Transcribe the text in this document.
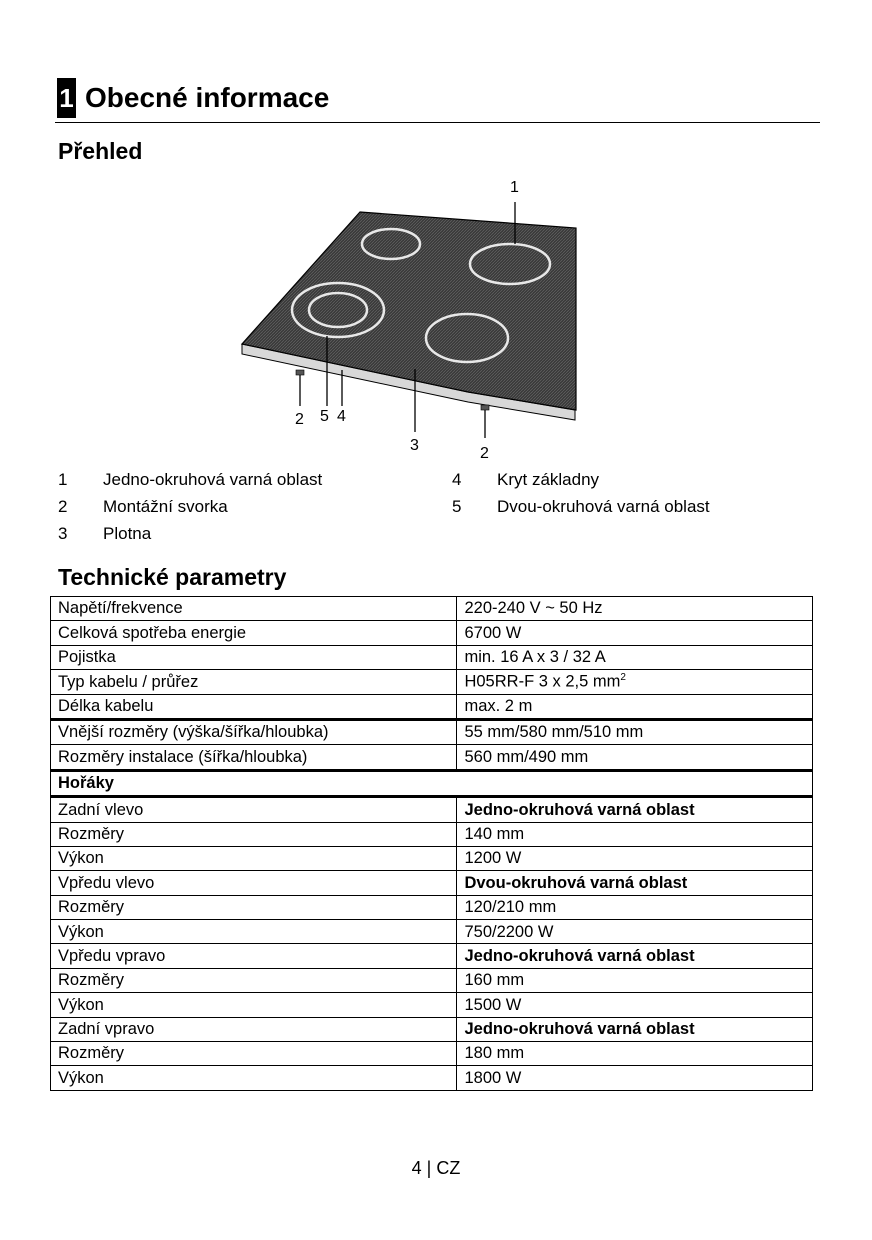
1 Obecné informace
Přehled
1
2 5 4
3	2
1	Jedno-okruhová varná oblast
2	Montážní svorka
3	Plotna
4	Kryt základny
5	Dvou-okruhová varná oblast
Technické parametry
Napětí/frekvence	220-240 V ~ 50 Hz
Celková spotřeba energie	6700 W
Pojistka	min. 16 A x 3 / 32 A
Typ kabelu / průřez	H05RR-F 3 x 2,5 $mm^2$
Délka kabelu	max. 2 m
Vnější rozměry (výška/šířka/hloubka)	55 mm/580 mm/510 mm
Rozměry instalace (šířka/hloubka)	560 mm/490 mm
Hořáky	
Zadní vlevo	Jedno-okruhová varná oblast
Rozměry	140 mm
Výkon	1200 W
Vpředu vlevo	Dvou-okruhová varná oblast
Rozměry	120/210 mm
Výkon	750/2200 W
Vpředu vpravo	Jedno-okruhová varná oblast
Rozměry	160 mm
Výkon	1500 W
Zadní vpravo	Jedno-okruhová varná oblast
Rozměry	180 mm
Výkon	1800 W
4 | CZ
